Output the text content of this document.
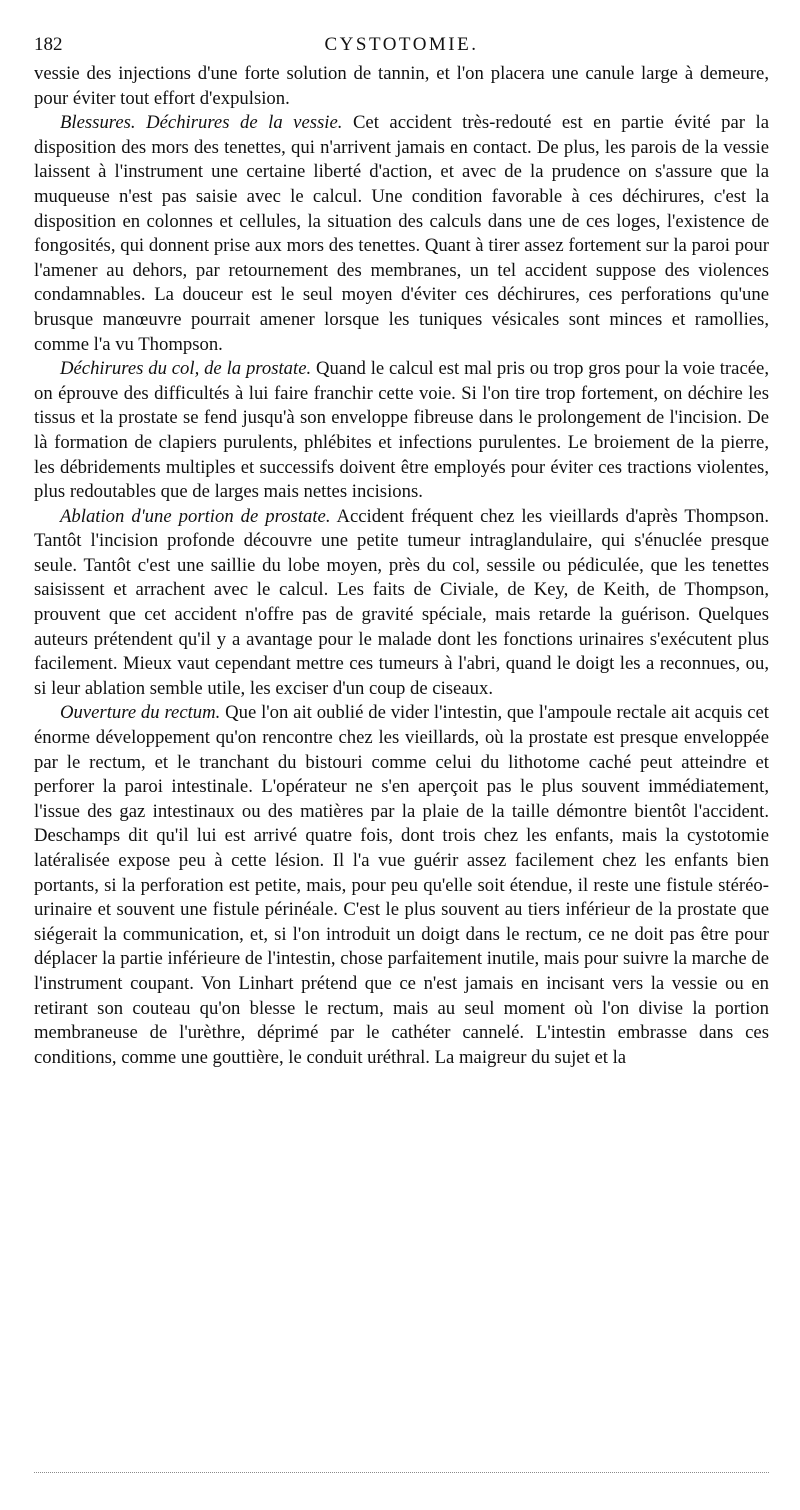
182	CYSTOTOMIE.

vessie des injections d'une forte solution de tannin, et l'on placera une canule large à demeure, pour éviter tout effort d'expulsion.

Blessures. Déchirures de la vessie. Cet accident très-redouté est en partie évité par la disposition des mors des tenettes, qui n'arrivent jamais en contact. De plus, les parois de la vessie laissent à l'instrument une certaine liberté d'action, et avec de la prudence on s'assure que la muqueuse n'est pas saisie avec le calcul. Une condition favorable à ces déchirures, c'est la disposition en colonnes et cellules, la situation des calculs dans une de ces loges, l'existence de fongosités, qui donnent prise aux mors des tenettes. Quant à tirer assez fortement sur la paroi pour l'amener au dehors, par retournement des membranes, un tel accident suppose des violences condamnables. La douceur est le seul moyen d'éviter ces déchirures, ces perforations qu'une brusque manœuvre pourrait amener lorsque les tuniques vésicales sont minces et ramollies, comme l'a vu Thompson.

Déchirures du col, de la prostate. Quand le calcul est mal pris ou trop gros pour la voie tracée, on éprouve des difficultés à lui faire franchir cette voie. Si l'on tire trop fortement, on déchire les tissus et la prostate se fend jusqu'à son enveloppe fibreuse dans le prolongement de l'incision. De là formation de clapiers purulents, phlébites et infections purulentes. Le broiement de la pierre, les débridements multiples et successifs doivent être employés pour éviter ces tractions violentes, plus redoutables que de larges mais nettes incisions.

Ablation d'une portion de prostate. Accident fréquent chez les vieillards d'après Thompson. Tantôt l'incision profonde découvre une petite tumeur intraglandulaire, qui s'énuclée presque seule. Tantôt c'est une saillie du lobe moyen, près du col, sessile ou pédiculée, que les tenettes saisissent et arrachent avec le calcul. Les faits de Civiale, de Key, de Keith, de Thompson, prouvent que cet accident n'offre pas de gravité spéciale, mais retarde la guérison. Quelques auteurs prétendent qu'il y a avantage pour le malade dont les fonctions urinaires s'exécutent plus facilement. Mieux vaut cependant mettre ces tumeurs à l'abri, quand le doigt les a reconnues, ou, si leur ablation semble utile, les exciser d'un coup de ciseaux.

Ouverture du rectum. Que l'on ait oublié de vider l'intestin, que l'ampoule rectale ait acquis cet énorme développement qu'on rencontre chez les vieillards, où la prostate est presque enveloppée par le rectum, et le tranchant du bistouri comme celui du lithotome caché peut atteindre et perforer la paroi intestinale. L'opérateur ne s'en aperçoit pas le plus souvent immédiatement, l'issue des gaz intestinaux ou des matières par la plaie de la taille démontre bientôt l'accident. Deschamps dit qu'il lui est arrivé quatre fois, dont trois chez les enfants, mais la cystotomie latéralisée expose peu à cette lésion. Il l'a vue guérir assez facilement chez les enfants bien portants, si la perforation est petite, mais, pour peu qu'elle soit étendue, il reste une fistule stéréo-urinaire et souvent une fistule périnéale. C'est le plus souvent au tiers inférieur de la prostate que siégerait la communication, et, si l'on introduit un doigt dans le rectum, ce ne doit pas être pour déplacer la partie inférieure de l'intestin, chose parfaitement inutile, mais pour suivre la marche de l'instrument coupant. Von Linhart prétend que ce n'est jamais en incisant vers la vessie ou en retirant son couteau qu'on blesse le rectum, mais au seul moment où l'on divise la portion membraneuse de l'urèthre, déprimé par le cathéter cannelé. L'intestin embrasse dans ces conditions, comme une gouttière, le conduit uréthral. La maigreur du sujet et la
